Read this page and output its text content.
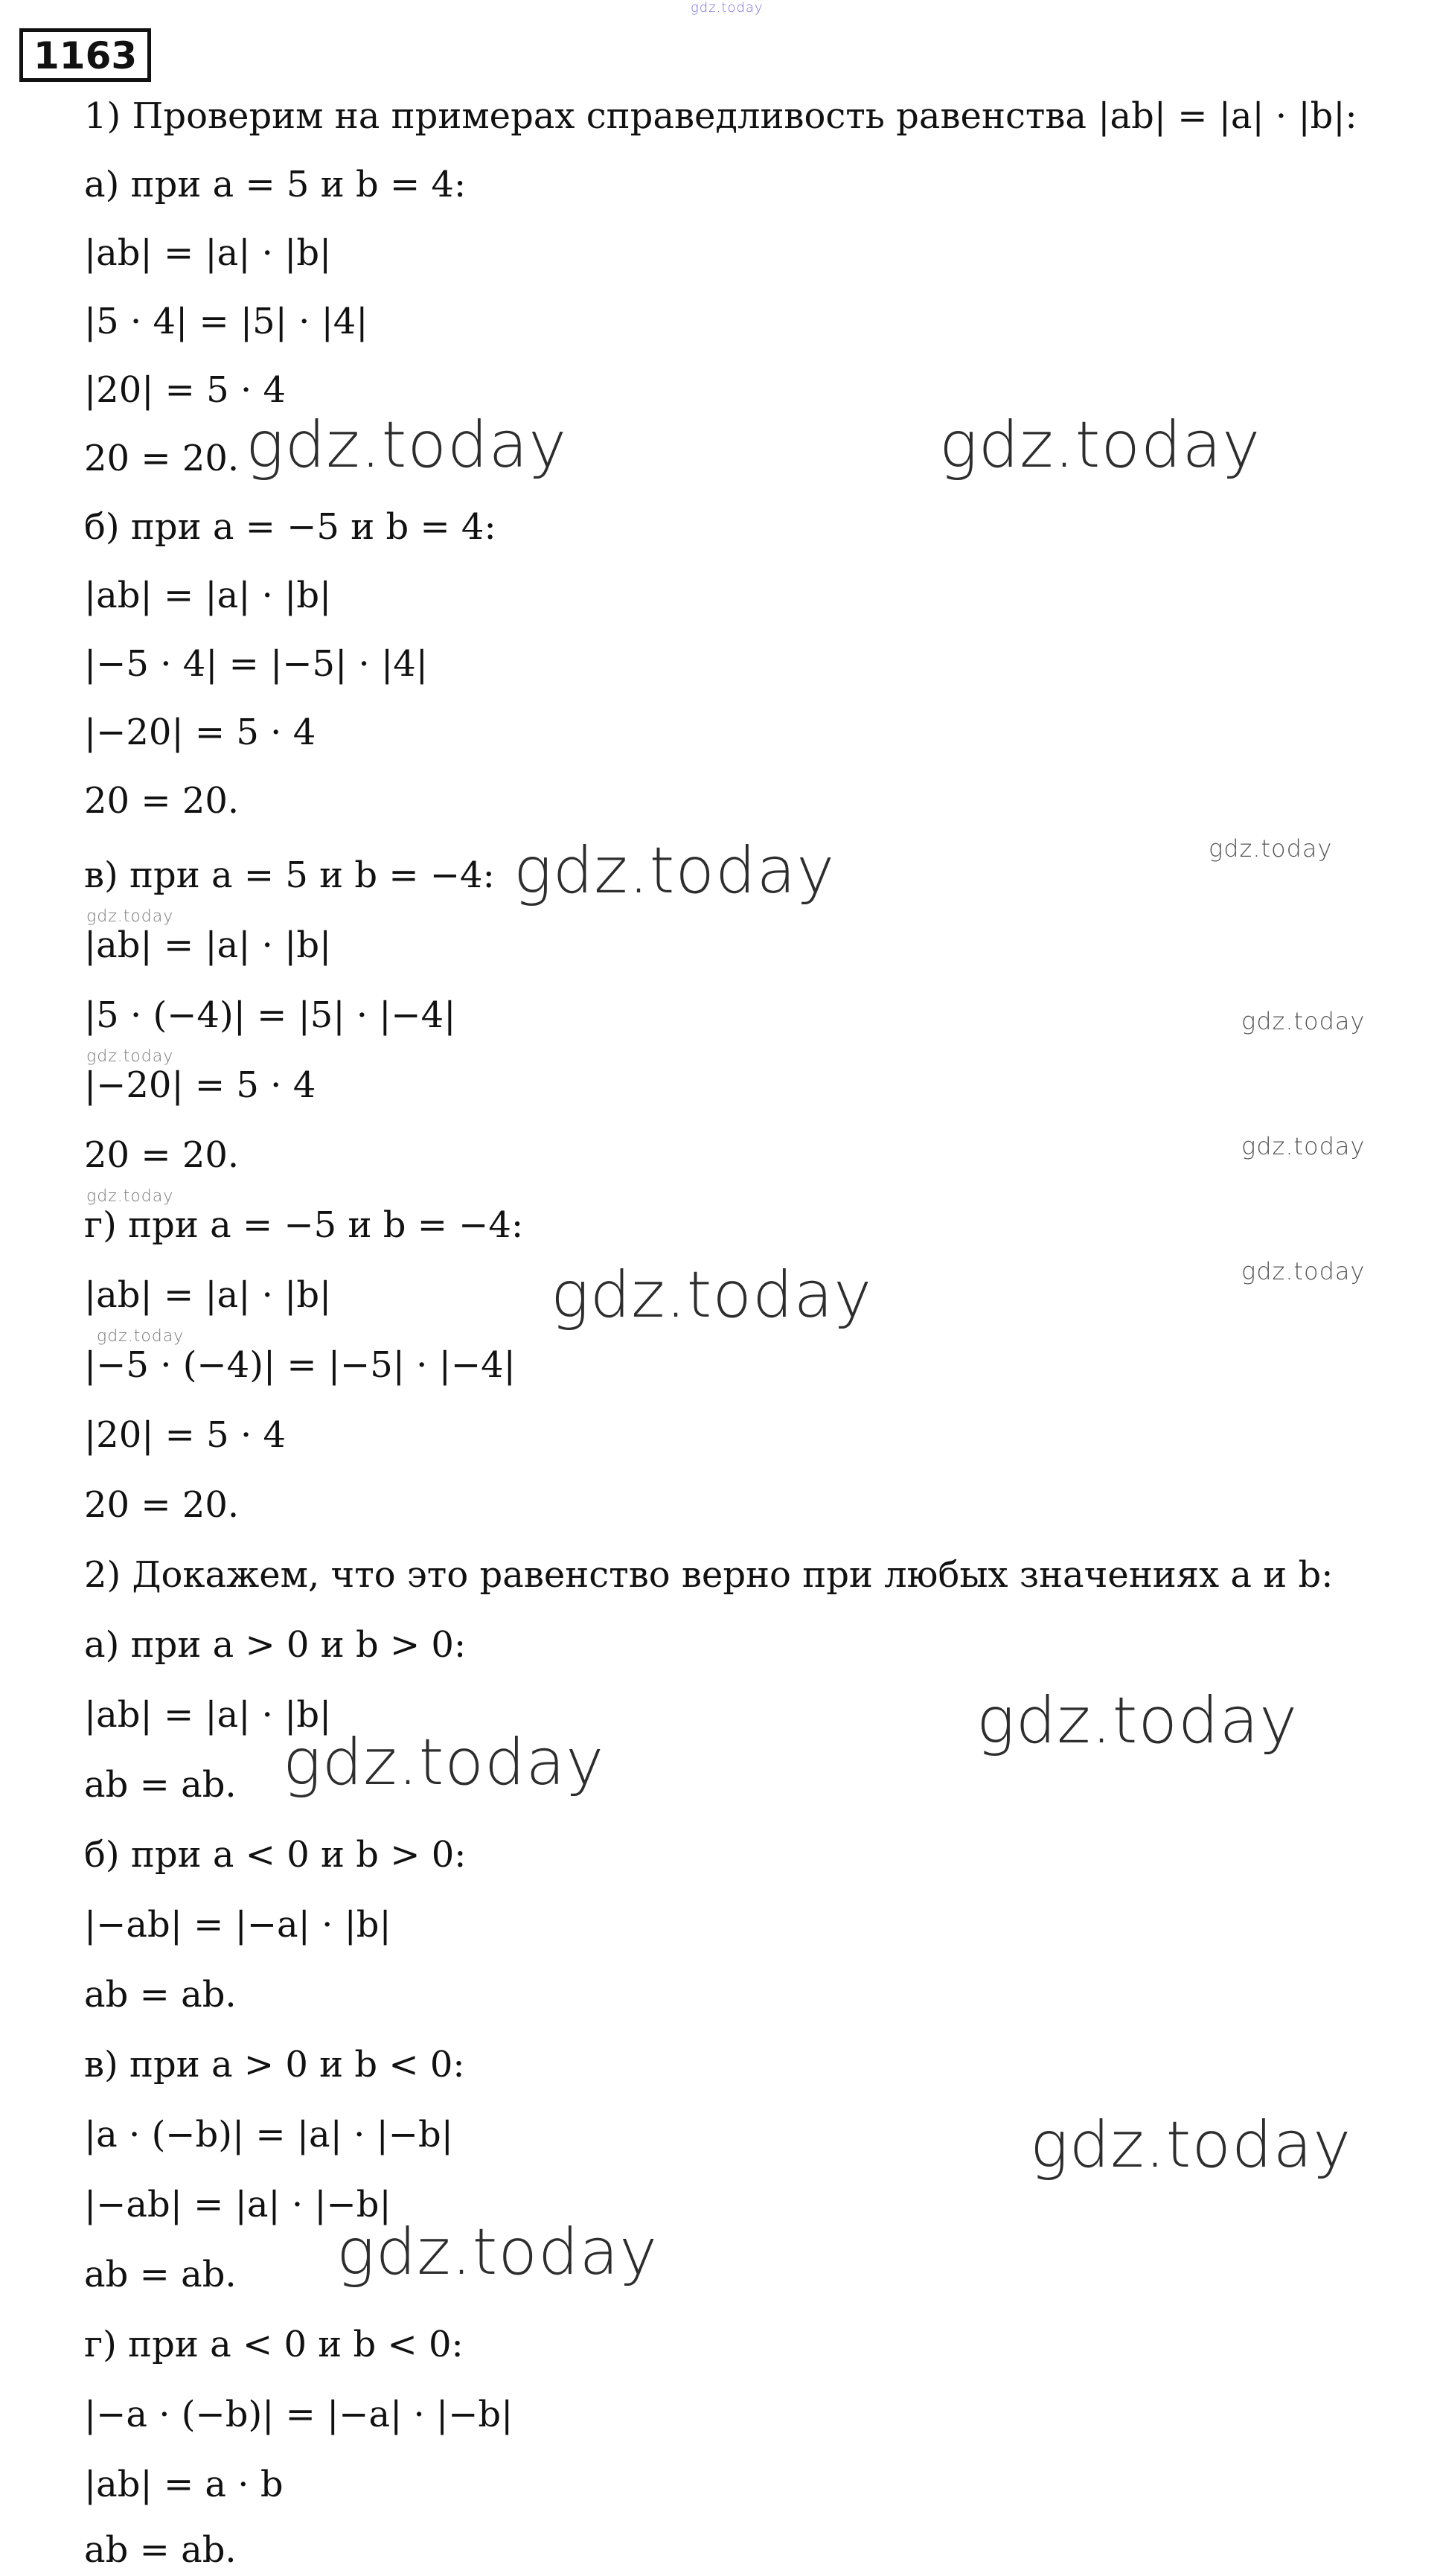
gdz.today
1163
1) Проверим на примерах справедливость равенства |ab| = |a| · |b|:
а) при a = 5 и b = 4:
|ab| = |a| · |b|
|5 · 4| = |5| · |4|
|20| = 5 · 4
20 = 20.
б) при a = −5 и b = 4:
|ab| = |a| · |b|
|−5 · 4| = |−5| · |4|
|−20| = 5 · 4
20 = 20.
в) при a = 5 и b = −4:
|ab| = |a| · |b|
|5 · (−4)| = |5| · |−4|
|−20| = 5 · 4
20 = 20.
г) при a = −5 и b = −4:
|ab| = |a| · |b|
|−5 · (−4)| = |−5| · |−4|
|20| = 5 · 4
20 = 20.
2) Докажем, что это равенство верно при любых значениях a и b:
а) при a > 0 и b > 0:
|ab| = |a| · |b|
ab = ab.
б) при a < 0 и b > 0:
|−ab| = |−a| · |b|
ab = ab.
в) при a > 0 и b < 0:
|a · (−b)| = |a| · |−b|
|−ab| = |a| · |−b|
ab = ab.
г) при a < 0 и b < 0:
|−a · (−b)| = |−a| · |−b|
|ab| = a · b
ab = ab.
gdz.today	gdz.today
gdz.today
gdz.today
gdz.today
gdz.today
gdz.today
gdz.today
gdz.today
gdz.today
gdz.today
gdz.today
gdz.today
gdz.today
gdz.today
gdz.today
